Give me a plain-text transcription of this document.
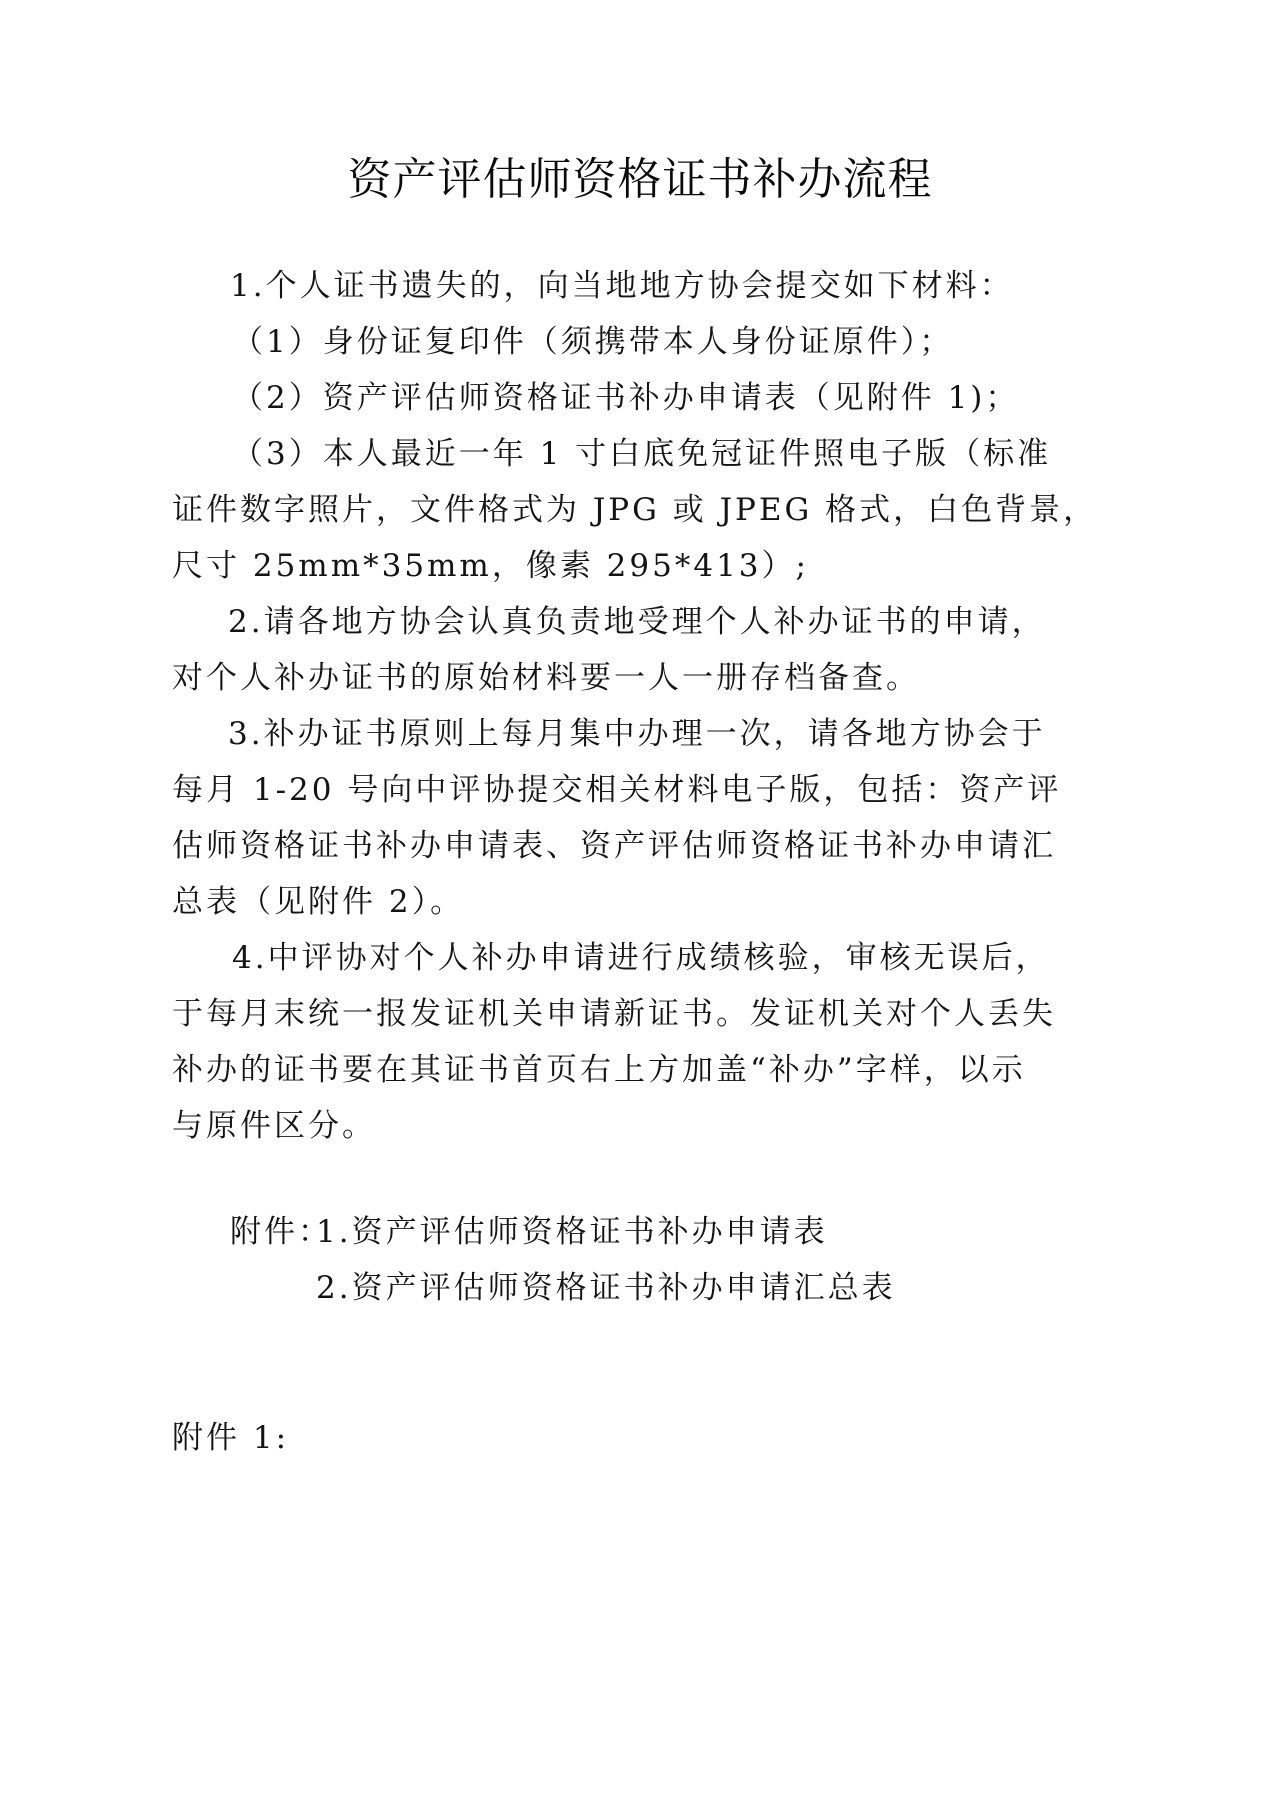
资产评估师资格证书补办流程
1.个人证书遗失的，向当地地方协会提交如下材料：
（1）身份证复印件（须携带本人身份证原件）；
（2）资产评估师资格证书补办申请表（见附件 1)；
（3）本人最近一年 1 寸白底免冠证件照电子版（标准
证件数字照片，文件格式为 JPG 或 JPEG 格式，白色背景，
尺寸 25mm*35mm，像素 295*413）;
2.请各地方协会认真负责地受理个人补办证书的申请，
对个人补办证书的原始材料要一人一册存档备查。
3.补办证书原则上每月集中办理一次，请各地方协会于
每月 1-20 号向中评协提交相关材料电子版，包括：资产评
估师资格证书补办申请表、资产评估师资格证书补办申请汇
总表（见附件 2）。
4.中评协对个人补办申请进行成绩核验，审核无误后，
于每月末统一报发证机关申请新证书。发证机关对个人丢失
补办的证书要在其证书首页右上方加盖“补办”字样，以示
与原件区分。
附件：
1.资产评估师资格证书补办申请表
2.资产评估师资格证书补办申请汇总表
附件 1:
